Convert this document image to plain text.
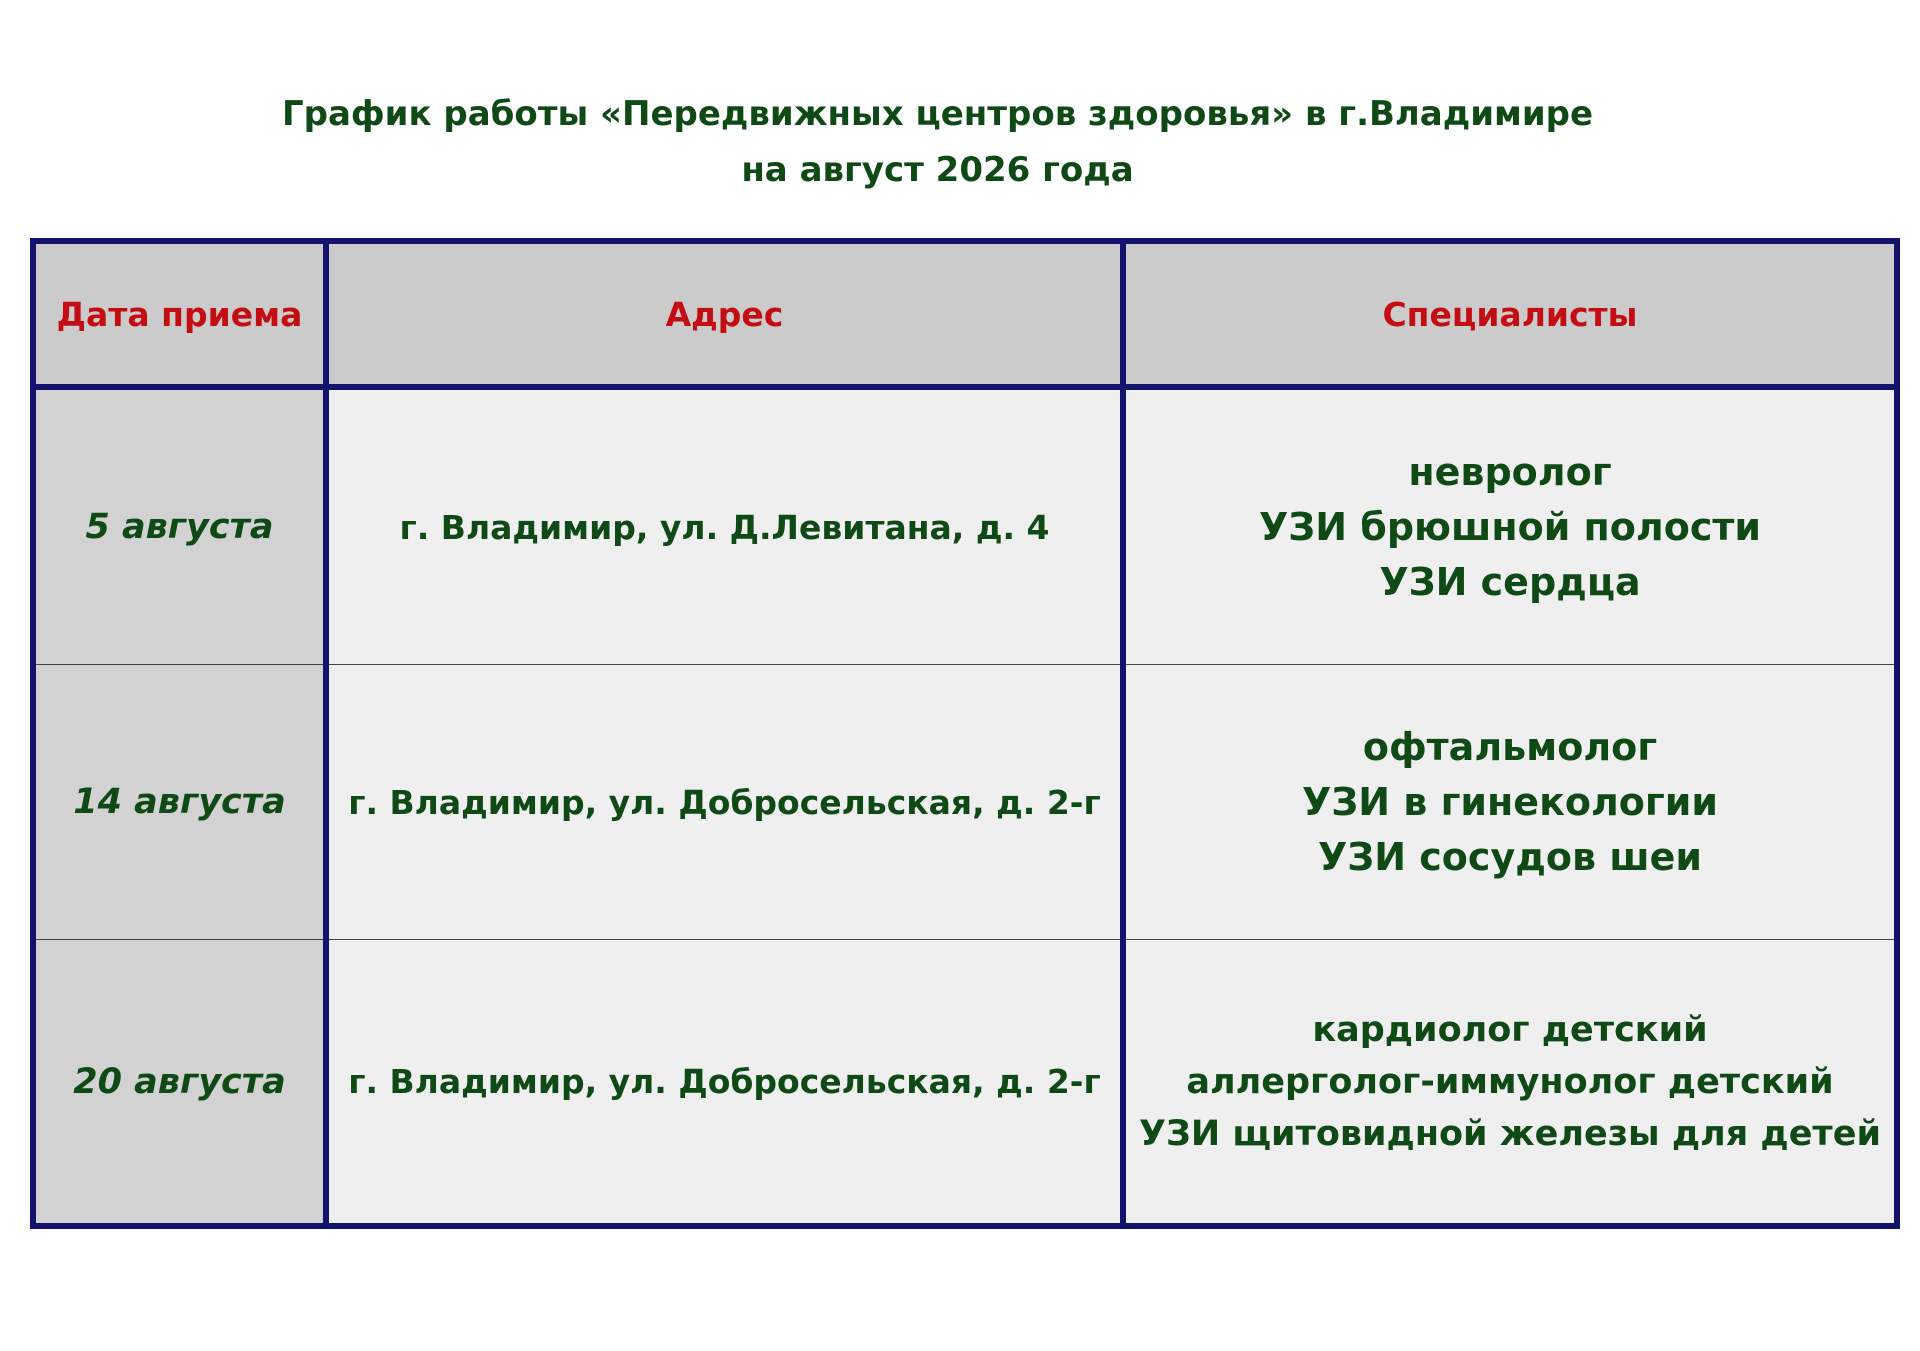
График работы «Передвижных центров здоровья» в г.Владимире
на август 2026 года
Дата приема	Адрес	Специалисты
5 августа	г. Владимир, ул. Д.Левитана, д. 4	невролог
УЗИ брюшной полости
УЗИ сердца

14 августа	г. Владимир, ул. Добросельская, д. 2-г	офтальмолог
УЗИ в гинекологии
УЗИ сосудов шеи

20 августа	г. Владимир, ул. Добросельская, д. 2-г	кардиолог детский
аллерголог-иммунолог детский
УЗИ щитовидной железы для детей
